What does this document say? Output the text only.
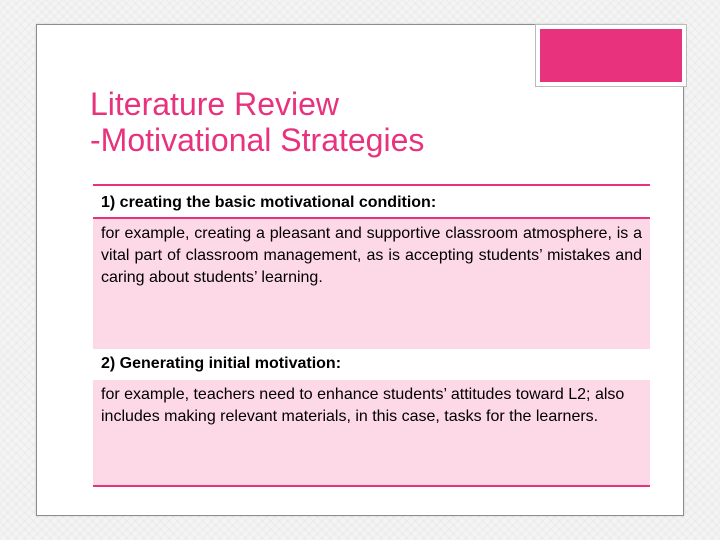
Literature Review
-Motivational Strategies
1) creating the basic motivational condition:
for example, creating a pleasant and supportive classroom atmosphere, is a vital part of classroom management, as is accepting students’ mistakes and caring about students’ learning.
2) Generating initial motivation:
for example, teachers need to enhance students’ attitudes toward L2; also includes making relevant materials, in this case, tasks for the learners.
